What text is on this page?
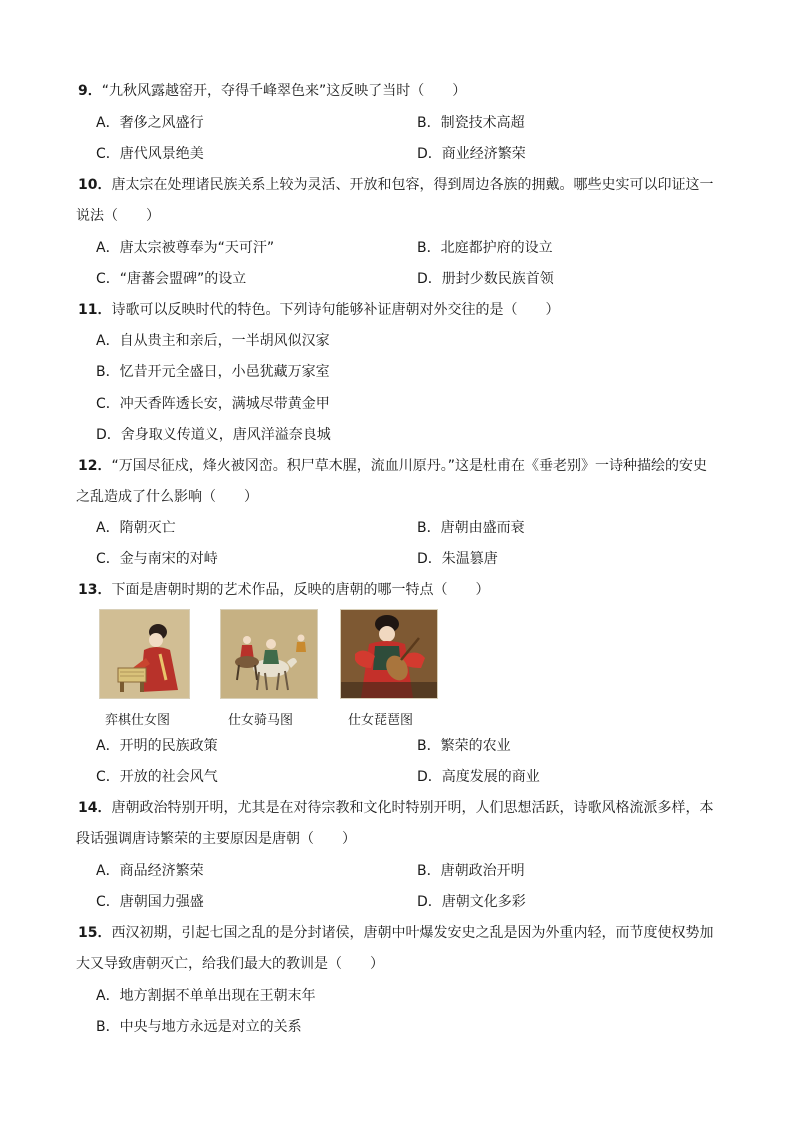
9．“九秋风露越窑开，夺得千峰翠色来”这反映了当时（　　）
A．奢侈之风盛行	B．制瓷技术高超
C．唐代风景绝美	D．商业经济繁荣
10．唐太宗在处理诸民族关系上较为灵活、开放和包容，得到周边各族的拥戴。哪些史实可以印证这一
说法（　　）
A．唐太宗被尊奉为“天可汗”	B．北庭都护府的设立
C．“唐蕃会盟碑”的设立	D．册封少数民族首领
11．诗歌可以反映时代的特色。下列诗句能够补证唐朝对外交往的是（　　）
A．自从贵主和亲后，一半胡风似汉家
B．忆昔开元全盛日，小邑犹藏万家室
C．冲天香阵透长安，满城尽带黄金甲
D．舍身取义传道义，唐风洋溢奈良城
12．“万国尽征戍，烽火被冈峦。积尸草木腥，流血川原丹。”这是杜甫在《垂老别》一诗种描绘的安史
之乱造成了什么影响（　　）
A．隋朝灭亡	B．唐朝由盛而衰
C．金与南宋的对峙	D．朱温篡唐
13．下面是唐朝时期的艺术作品，反映的唐朝的哪一特点（　　）
弈棋仕女图	仕女骑马图	仕女琵琶图
A．开明的民族政策	B．繁荣的农业
C．开放的社会风气	D．高度发展的商业
14．唐朝政治特别开明，尤其是在对待宗教和文化时特别开明，人们思想活跃，诗歌风格流派多样，本
段话强调唐诗繁荣的主要原因是唐朝（　　）
A．商品经济繁荣	B．唐朝政治开明
C．唐朝国力强盛	D．唐朝文化多彩
15．西汉初期，引起七国之乱的是分封诸侯，唐朝中叶爆发安史之乱是因为外重内轻，而节度使权势加
大又导致唐朝灭亡，给我们最大的教训是（　　）
A．地方割据不单单出现在王朝末年
B．中央与地方永远是对立的关系
